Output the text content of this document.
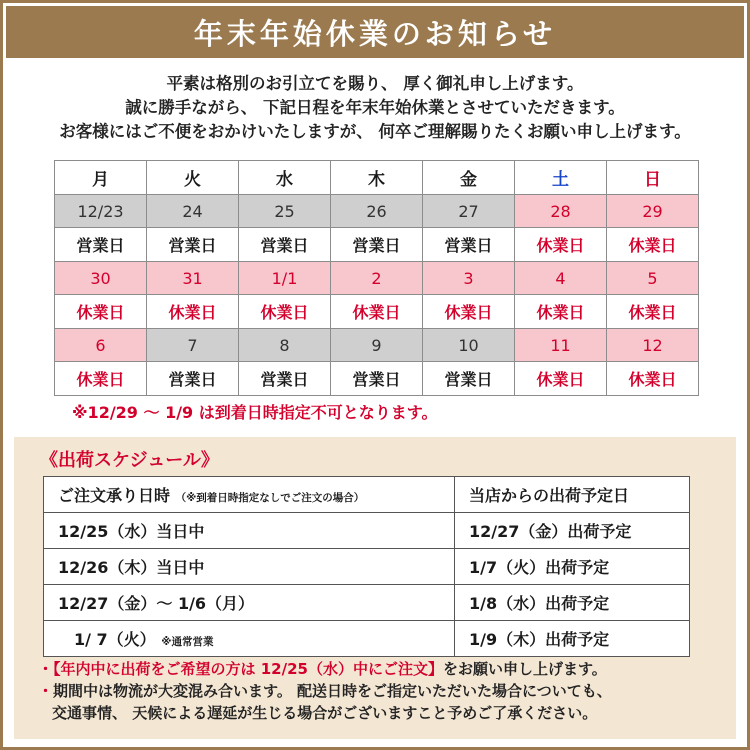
年末年始休業のお知らせ
平素は格別のお引立てを賜り、 厚く御礼申し上げます。
誠に勝手ながら、 下記日程を年末年始休業とさせていただきます。
お客様にはご不便をおかけいたしますが、 何卒ご理解賜りたくお願い申し上げます。
月	火	水	木	金	土	日
12/23	24	25	26	27	28	29
営業日	営業日	営業日	営業日	営業日	休業日	休業日
30	31	1/1	2	3	4	5
休業日	休業日	休業日	休業日	休業日	休業日	休業日
6	7	8	9	10	11	12
休業日	営業日	営業日	営業日	営業日	休業日	休業日
※12/29 ～ 1/9 は到着日時指定不可となります。
《出荷スケジュール》
ご注文承り日時 （※到着日時指定なしでご注文の場合）	当店からの出荷予定日
12/25（水）当日中	12/27（金）出荷予定
12/26（木）当日中	1/7（火）出荷予定
12/27（金）～ 1/6（月）	1/8（水）出荷予定
1/ 7（火） ※通常営業	1/9（木）出荷予定
・【年内中に出荷をご希望の方は 12/25（水）中にご注文】をお願い申し上げます。
・期間中は物流が大変混み合います。 配送日時をご指定いただいた場合についても、
交通事情、 天候による遅延が生じる場合がございますこと予めご了承ください。
